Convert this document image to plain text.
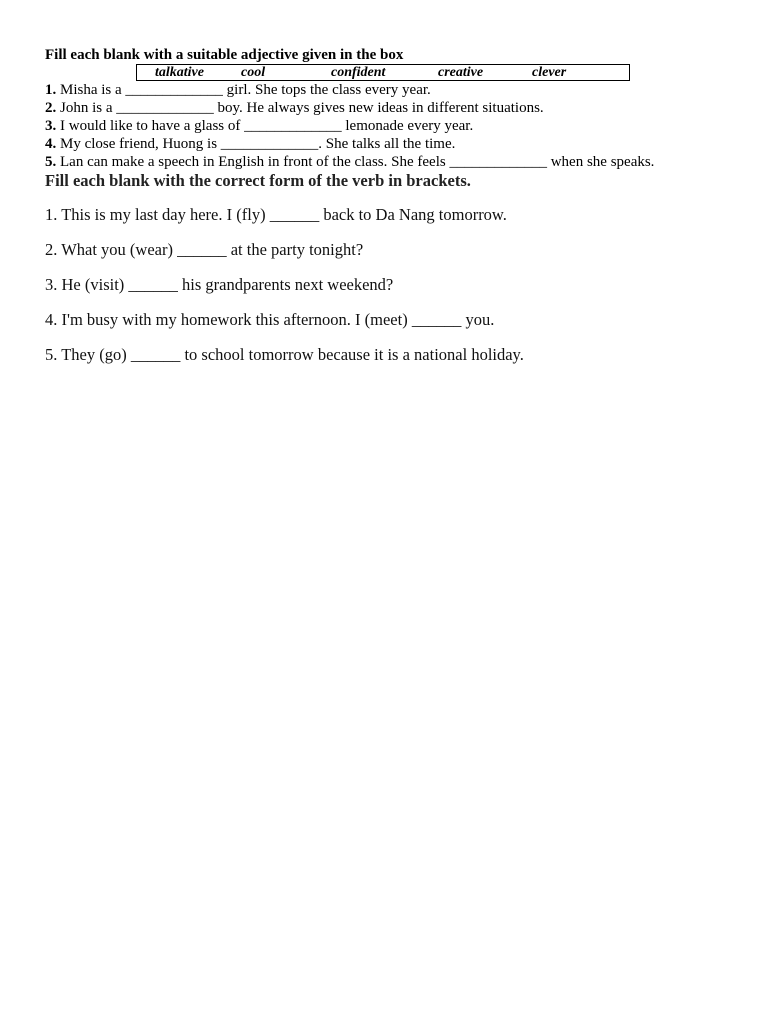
Fill each blank with a suitable adjective given in the box

talkative	cool	confident	creative	clever
1. Misha is a _____________ girl. She tops the class every year.
2. John is a _____________ boy. He always gives new ideas in different situations.
3. I would like to have a glass of _____________ lemonade every year.
4. My close friend, Huong is _____________. She talks all the time.
5. Lan can make a speech in English in front of the class. She feels _____________ when she speaks.

Fill each blank with the correct form of the verb in brackets.

1. This is my last day here. I (fly) ______ back to Da Nang tomorrow.
2. What you (wear) ______ at the party tonight?
3. He (visit) ______ his grandparents next weekend?
4. I'm busy with my homework this afternoon. I (meet) ______ you.
5. They (go) ______ to school tomorrow because it is a national holiday.
